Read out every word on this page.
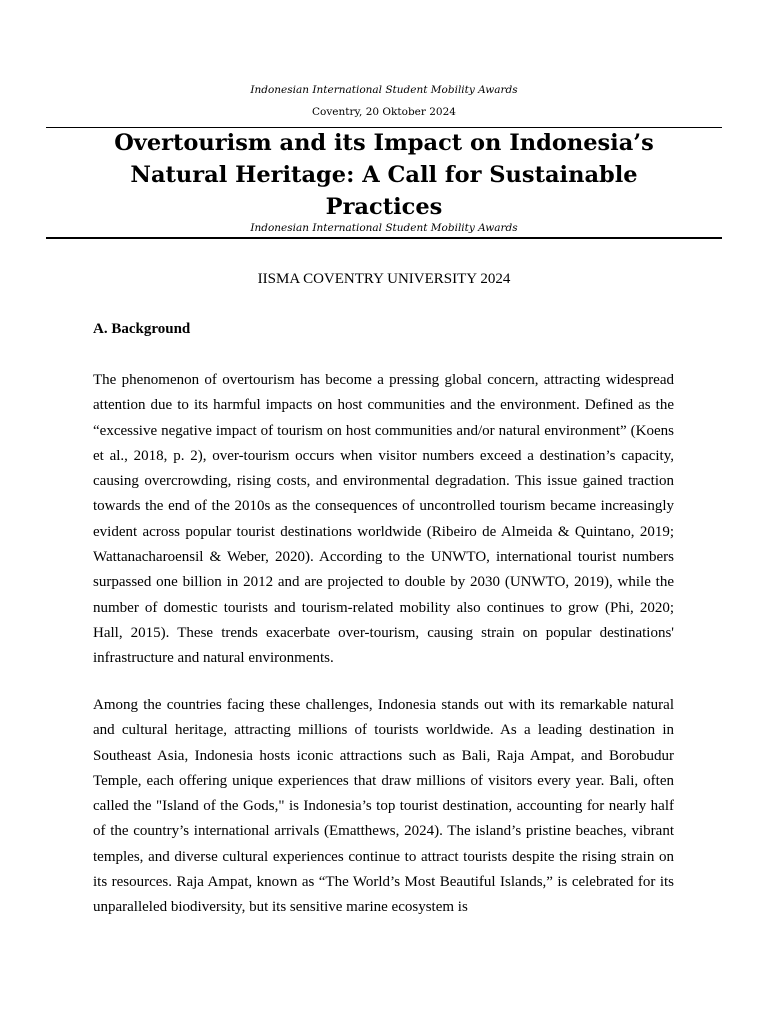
Indonesian International Student Mobility Awards
Coventry, 20 Oktober 2024
Overtourism and its Impact on Indonesia’s Natural Heritage: A Call for Sustainable Practices
Indonesian International Student Mobility Awards
IISMA COVENTRY UNIVERSITY 2024
A. Background

The phenomenon of overtourism has become a pressing global concern, attracting widespread attention due to its harmful impacts on host communities and the environment. Defined as the “excessive negative impact of tourism on host communities and/or natural environment” (Koens et al., 2018, p. 2), over-tourism occurs when visitor numbers exceed a destination’s capacity, causing overcrowding, rising costs, and environmental degradation. This issue gained traction towards the end of the 2010s as the consequences of uncontrolled tourism became increasingly evident across popular tourist destinations worldwide (Ribeiro de Almeida & Quintano, 2019; Wattanacharoensil & Weber, 2020). According to the UNWTO, international tourist numbers surpassed one billion in 2012 and are projected to double by 2030 (UNWTO, 2019), while the number of domestic tourists and tourism-related mobility also continues to grow (Phi, 2020; Hall, 2015). These trends exacerbate over-tourism, causing strain on popular destinations' infrastructure and natural environments.

Among the countries facing these challenges, Indonesia stands out with its remarkable natural and cultural heritage, attracting millions of tourists worldwide. As a leading destination in Southeast Asia, Indonesia hosts iconic attractions such as Bali, Raja Ampat, and Borobudur Temple, each offering unique experiences that draw millions of visitors every year. Bali, often called the "Island of the Gods," is Indonesia’s top tourist destination, accounting for nearly half of the country’s international arrivals (Ematthews, 2024). The island’s pristine beaches, vibrant temples, and diverse cultural experiences continue to attract tourists despite the rising strain on its resources. Raja Ampat, known as “The World’s Most Beautiful Islands,” is celebrated for its unparalleled biodiversity, but its sensitive marine ecosystem is
